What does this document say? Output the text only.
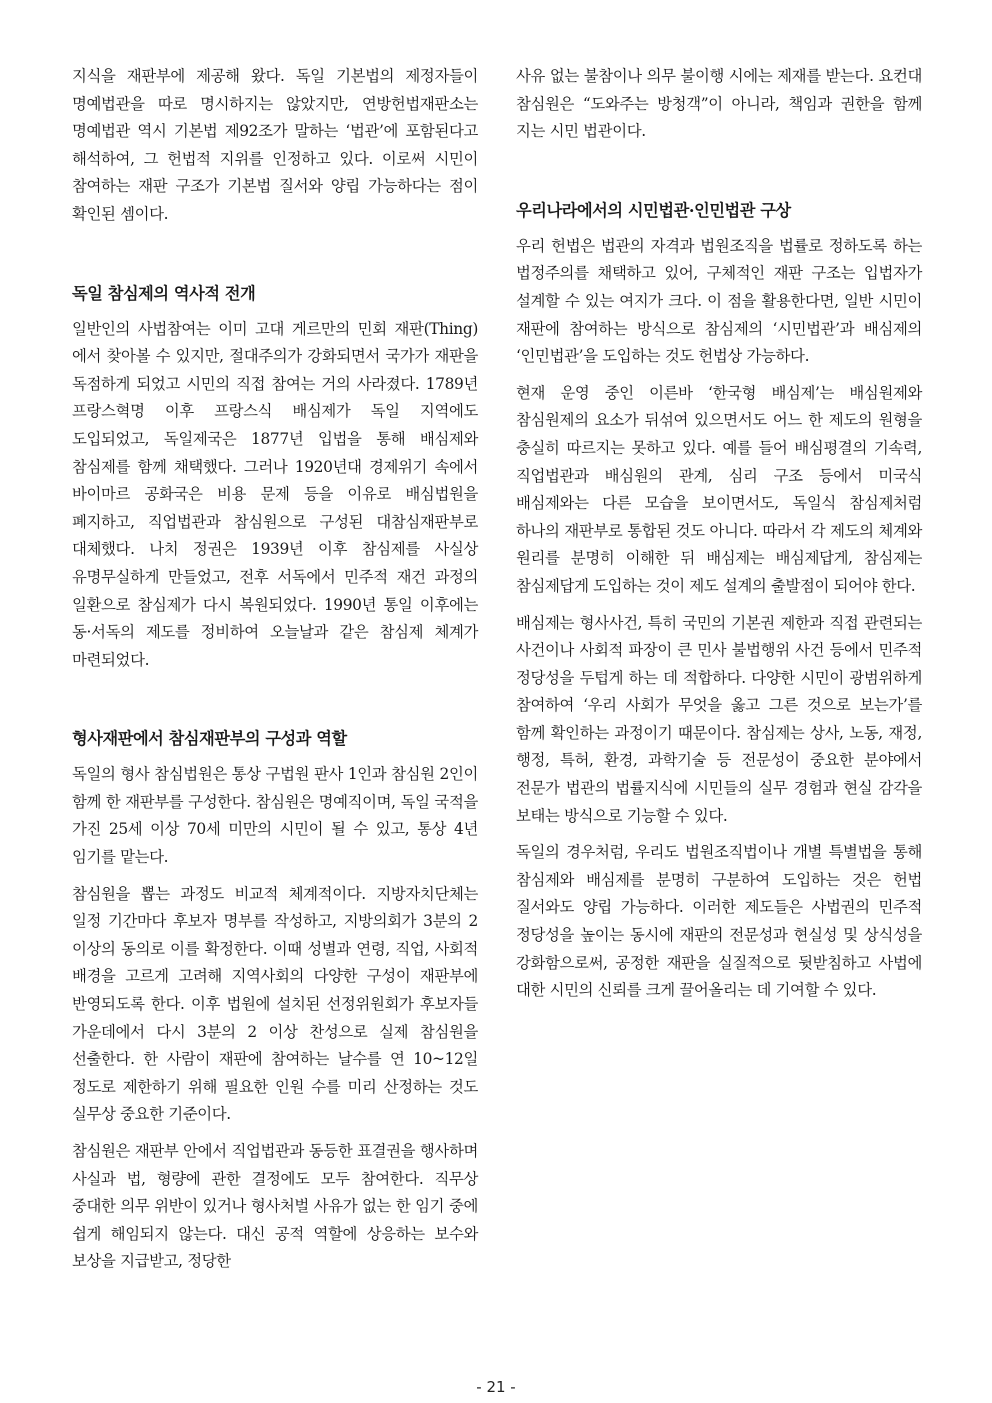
지식을 재판부에 제공해 왔다. 독일 기본법의 제정자들이 명예법관을 따로 명시하지는 않았지만, 연방헌법재판소는 명예법관 역시 기본법 제92조가 말하는 ‘법관’에 포함된다고 해석하여, 그 헌법적 지위를 인정하고 있다. 이로써 시민이 참여하는 재판 구조가 기본법 질서와 양립 가능하다는 점이 확인된 셈이다.

독일 참심제의 역사적 전개

일반인의 사법참여는 이미 고대 게르만의 민회 재판(Thing)에서 찾아볼 수 있지만, 절대주의가 강화되면서 국가가 재판을 독점하게 되었고 시민의 직접 참여는 거의 사라졌다. 1789년 프랑스혁명 이후 프랑스식 배심제가 독일 지역에도 도입되었고, 독일제국은 1877년 입법을 통해 배심제와 참심제를 함께 채택했다. 그러나 1920년대 경제위기 속에서 바이마르 공화국은 비용 문제 등을 이유로 배심법원을 폐지하고, 직업법관과 참심원으로 구성된 대참심재판부로 대체했다. 나치 정권은 1939년 이후 참심제를 사실상 유명무실하게 만들었고, 전후 서독에서 민주적 재건 과정의 일환으로 참심제가 다시 복원되었다. 1990년 통일 이후에는 동·서독의 제도를 정비하여 오늘날과 같은 참심제 체계가 마련되었다.

형사재판에서 참심재판부의 구성과 역할

독일의 형사 참심법원은 통상 구법원 판사 1인과 참심원 2인이 함께 한 재판부를 구성한다. 참심원은 명예직이며, 독일 국적을 가진 25세 이상 70세 미만의 시민이 될 수 있고, 통상 4년 임기를 맡는다.

참심원을 뽑는 과정도 비교적 체계적이다. 지방자치단체는 일정 기간마다 후보자 명부를 작성하고, 지방의회가 3분의 2 이상의 동의로 이를 확정한다. 이때 성별과 연령, 직업, 사회적 배경을 고르게 고려해 지역사회의 다양한 구성이 재판부에 반영되도록 한다. 이후 법원에 설치된 선정위원회가 후보자들 가운데에서 다시 3분의 2 이상 찬성으로 실제 참심원을 선출한다. 한 사람이 재판에 참여하는 날수를 연 10~12일 정도로 제한하기 위해 필요한 인원 수를 미리 산정하는 것도 실무상 중요한 기준이다.

참심원은 재판부 안에서 직업법관과 동등한 표결권을 행사하며 사실과 법, 형량에 관한 결정에도 모두 참여한다. 직무상 중대한 의무 위반이 있거나 형사처벌 사유가 없는 한 임기 중에 쉽게 해임되지 않는다. 대신 공적 역할에 상응하는 보수와 보상을 지급받고, 정당한

사유 없는 불참이나 의무 불이행 시에는 제재를 받는다. 요컨대 참심원은 “도와주는 방청객”이 아니라, 책임과 권한을 함께 지는 시민 법관이다.

우리나라에서의 시민법관·인민법관 구상

우리 헌법은 법관의 자격과 법원조직을 법률로 정하도록 하는 법정주의를 채택하고 있어, 구체적인 재판 구조는 입법자가 설계할 수 있는 여지가 크다. 이 점을 활용한다면, 일반 시민이 재판에 참여하는 방식으로 참심제의 ‘시민법관’과 배심제의 ‘인민법관’을 도입하는 것도 헌법상 가능하다.

현재 운영 중인 이른바 ‘한국형 배심제’는 배심원제와 참심원제의 요소가 뒤섞여 있으면서도 어느 한 제도의 원형을 충실히 따르지는 못하고 있다. 예를 들어 배심평결의 기속력, 직업법관과 배심원의 관계, 심리 구조 등에서 미국식 배심제와는 다른 모습을 보이면서도, 독일식 참심제처럼 하나의 재판부로 통합된 것도 아니다. 따라서 각 제도의 체계와 원리를 분명히 이해한 뒤 배심제는 배심제답게, 참심제는 참심제답게 도입하는 것이 제도 설계의 출발점이 되어야 한다.

배심제는 형사사건, 특히 국민의 기본권 제한과 직접 관련되는 사건이나 사회적 파장이 큰 민사 불법행위 사건 등에서 민주적 정당성을 두텁게 하는 데 적합하다. 다양한 시민이 광범위하게 참여하여 ‘우리 사회가 무엇을 옳고 그른 것으로 보는가’를 함께 확인하는 과정이기 때문이다. 참심제는 상사, 노동, 재정, 행정, 특허, 환경, 과학기술 등 전문성이 중요한 분야에서 전문가 법관의 법률지식에 시민들의 실무 경험과 현실 감각을 보태는 방식으로 기능할 수 있다.

독일의 경우처럼, 우리도 법원조직법이나 개별 특별법을 통해 참심제와 배심제를 분명히 구분하여 도입하는 것은 헌법 질서와도 양립 가능하다. 이러한 제도들은 사법권의 민주적 정당성을 높이는 동시에 재판의 전문성과 현실성 및 상식성을 강화함으로써, 공정한 재판을 실질적으로 뒷받침하고 사법에 대한 시민의 신뢰를 크게 끌어올리는 데 기여할 수 있다.

- 21 -
